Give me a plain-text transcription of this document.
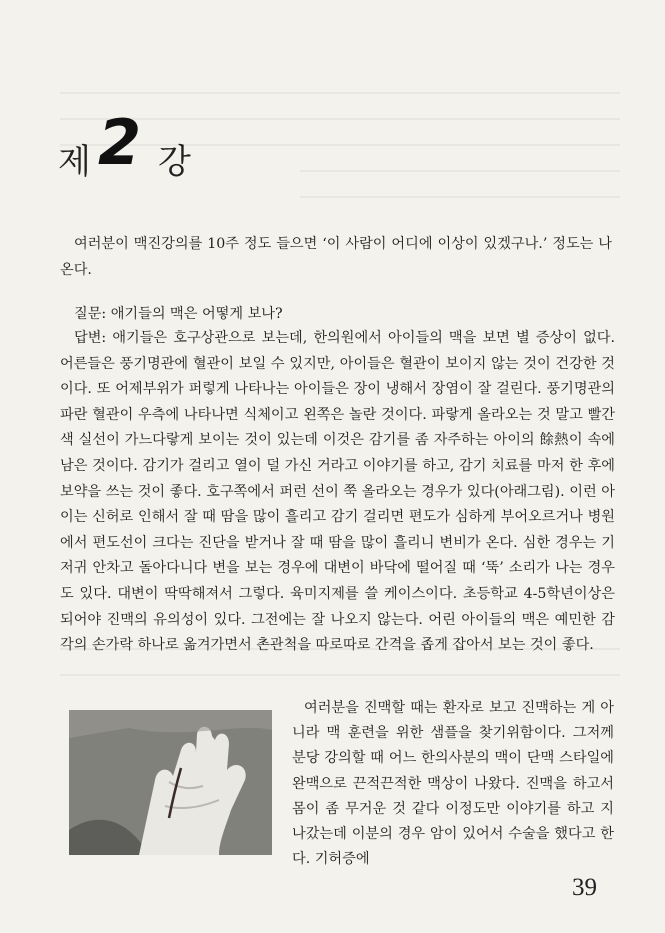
제 2 강

여러분이 맥진강의를 10주 정도 들으면 ‘이 사람이 어디에 이상이 있겠구나.’ 정도는 나온다.

질문: 애기들의 맥은 어떻게 보나?

답변: 애기들은 호구상관으로 보는데, 한의원에서 아이들의 맥을 보면 별 증상이 없다. 어른들은 풍기명관에 혈관이 보일 수 있지만, 아이들은 혈관이 보이지 않는 것이 건강한 것이다. 또 어제부위가 퍼렇게 나타나는 아이들은 장이 냉해서 장염이 잘 걸린다. 풍기명관의 파란 혈관이 우측에 나타나면 식체이고 왼쪽은 놀란 것이다. 파랗게 올라오는 것 말고 빨간색 실선이 가느다랗게 보이는 것이 있는데 이것은 감기를 좀 자주하는 아이의 餘熱이 속에 남은 것이다. 감기가 걸리고 열이 덜 가신 거라고 이야기를 하고, 감기 치료를 마저 한 후에 보약을 쓰는 것이 좋다. 호구쪽에서 퍼런 선이 쭉 올라오는 경우가 있다(아래그림). 이런 아이는 신허로 인해서 잘 때 땀을 많이 흘리고 감기 걸리면 편도가 심하게 부어오르거나 병원에서 편도선이 크다는 진단을 받거나 잘 때 땀을 많이 흘리니 변비가 온다. 심한 경우는 기저귀 안차고 돌아다니다 변을 보는 경우에 대변이 바닥에 떨어질 때 ‘뚝’ 소리가 나는 경우도 있다. 대변이 딱딱해져서 그렇다. 육미지제를 쓸 케이스이다. 초등학교 4-5학년이상은 되어야 진맥의 유의성이 있다. 그전에는 잘 나오지 않는다. 어린 아이들의 맥은 예민한 감각의 손가락 하나로 옮겨가면서 촌관척을 따로따로 간격을 좁게 잡아서 보는 것이 좋다.

여러분을 진맥할 때는 환자로 보고 진맥하는 게 아니라 맥 훈련을 위한 샘플을 찾기위함이다. 그저께 분당 강의할 때 어느 한의사분의 맥이 단맥 스타일에 완맥으로 끈적끈적한 맥상이 나왔다. 진맥을 하고서 몸이 좀 무거운 것 같다 이정도만 이야기를 하고 지나갔는데 이분의 경우 암이 있어서 수술을 했다고 한다. 기허증에

39
